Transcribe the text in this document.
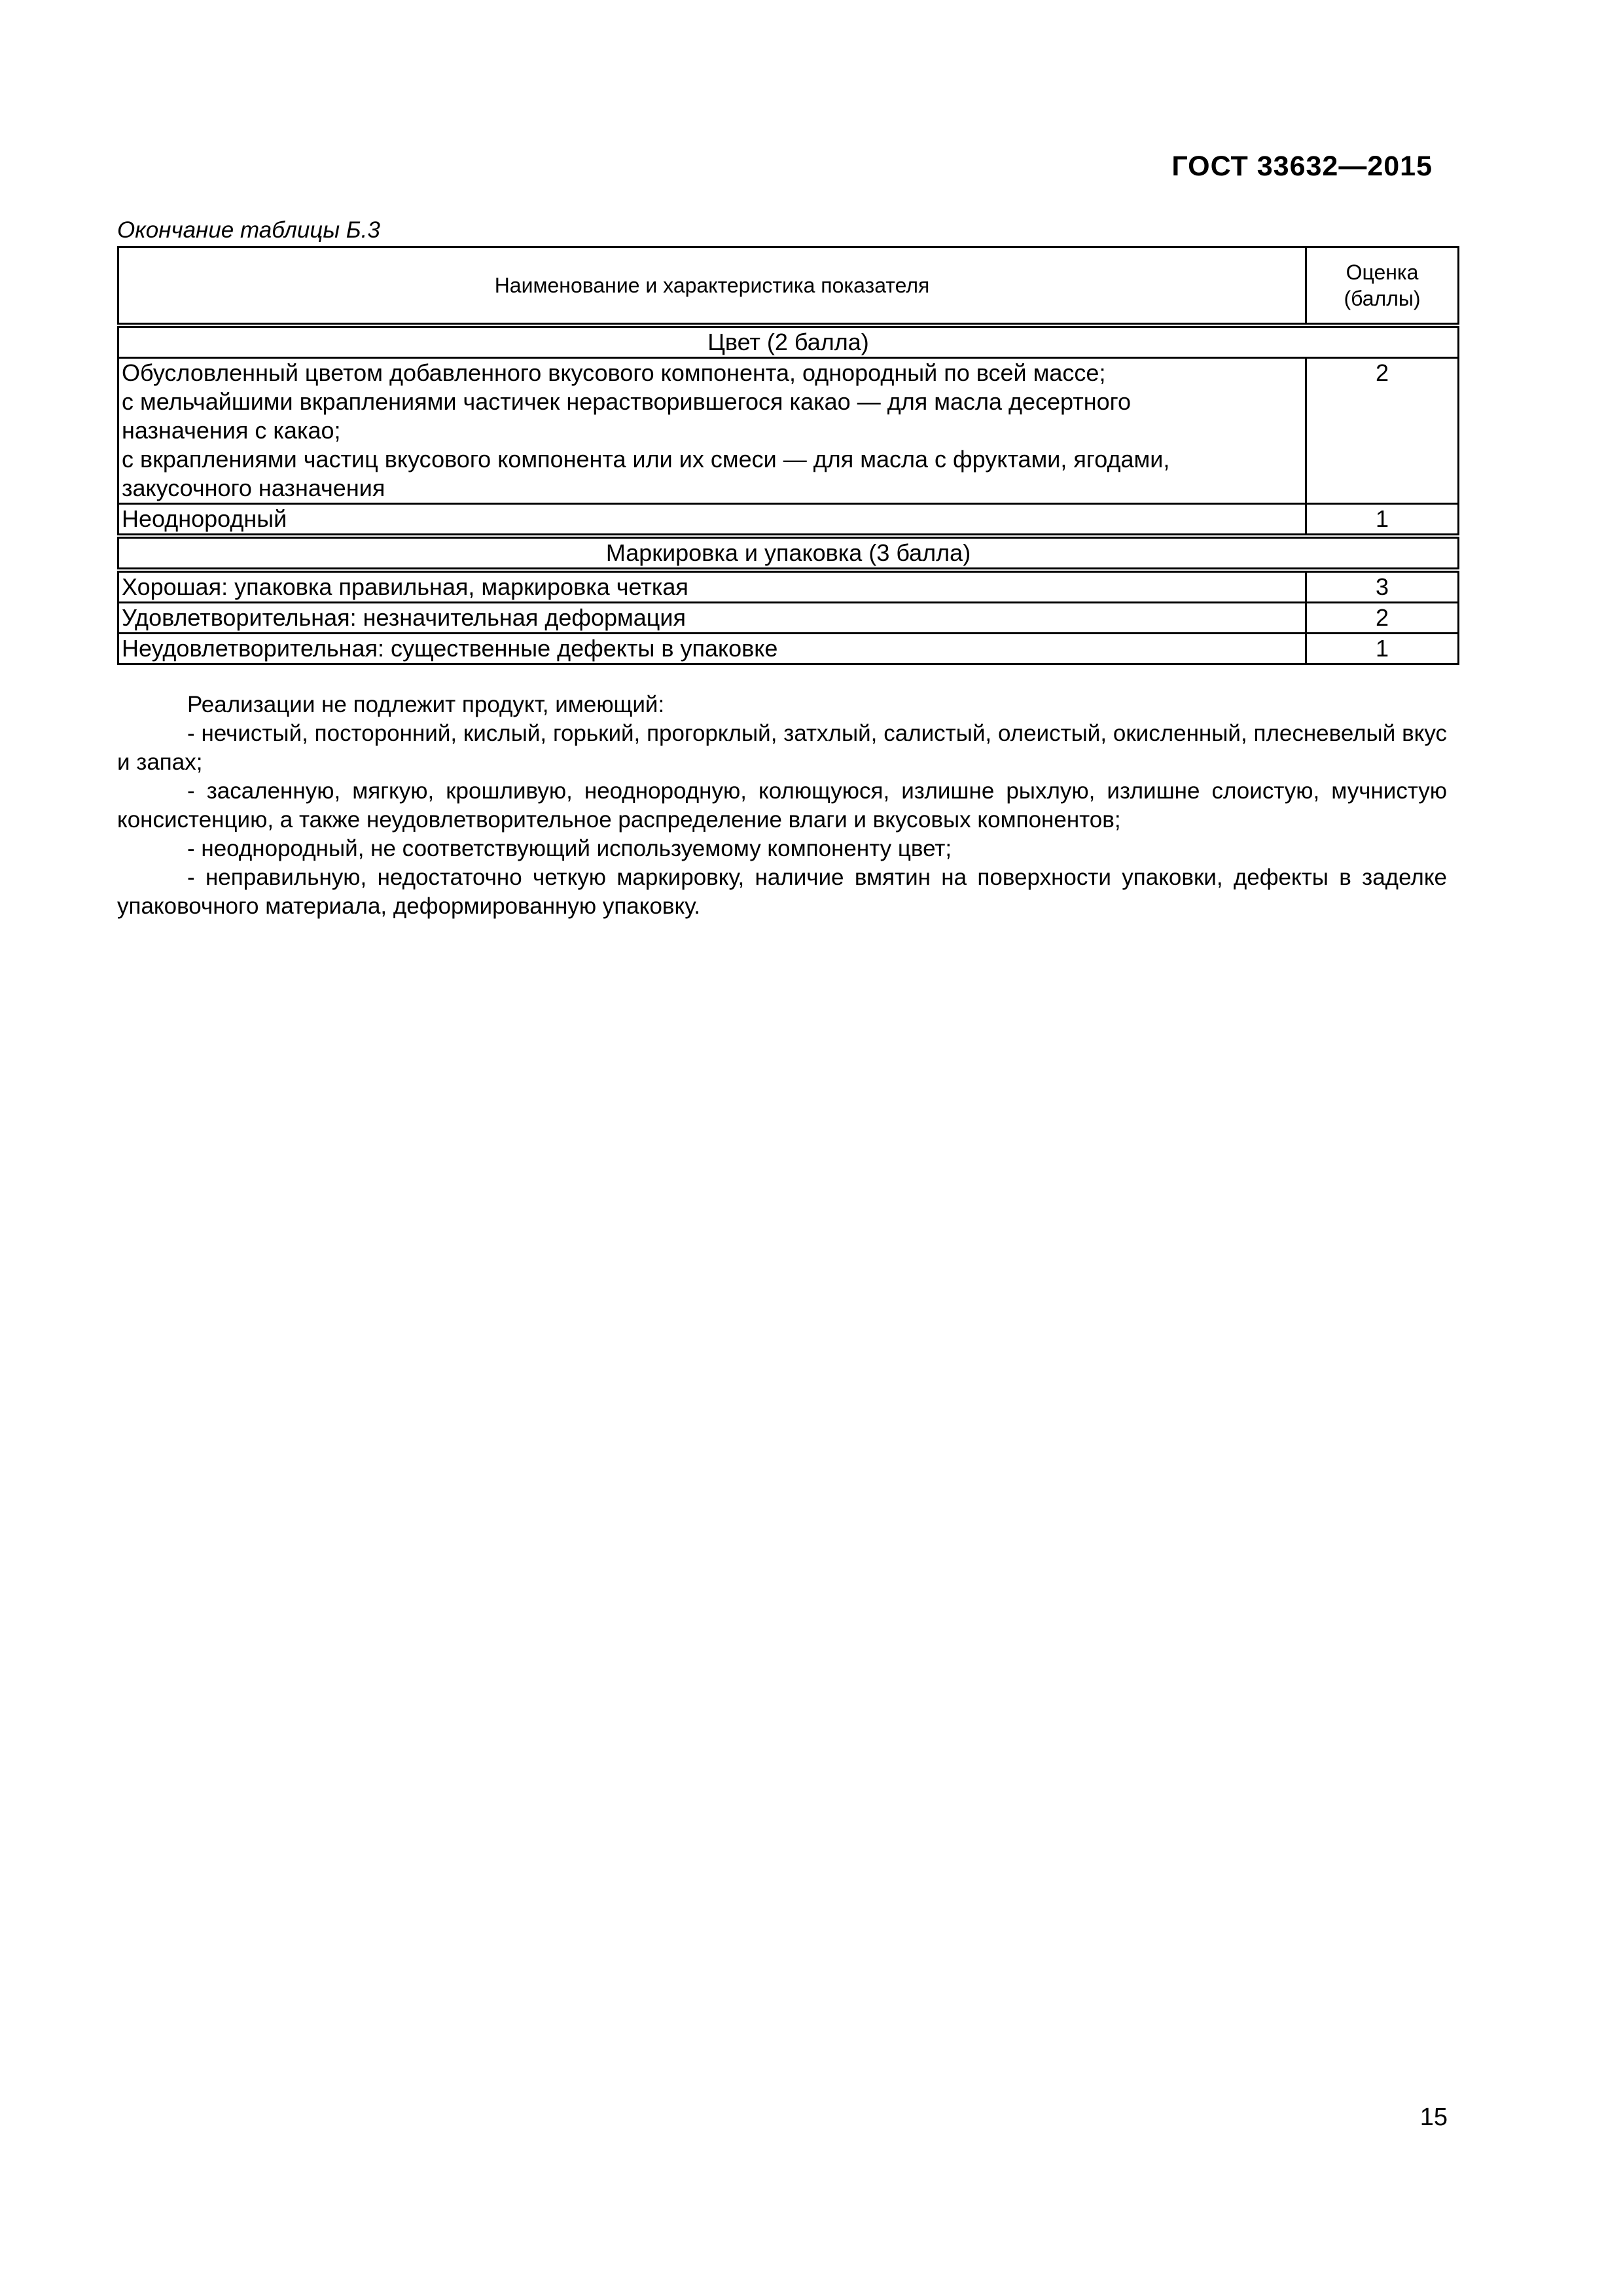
ГОСТ 33632—2015
Окончание таблицы Б.3
Наименование и характеристика показателя	Оценка
(баллы)

Цвет (2 балла)	

Обусловленный цветом добавленного вкусового компонента, однородный по всей массе;
с мельчайшими вкраплениями частичек нерастворившегося какао — для масла десертного
назначения с какао;
с вкраплениями частиц вкусового компонента или их смеси — для масла с фруктами, ягодами,
закусочного назначения	2
Неоднородный	1
Маркировка и упаковка (3 балла)	
Хорошая: упаковка правильная, маркировка четкая	3
Удовлетворительная: незначительная деформация	2
Неудовлетворительная: существенные дефекты в упаковке	1

Реализации не подлежит продукт, имеющий:

- нечистый, посторонний, кислый, горький, прогорклый, затхлый, салистый, олеистый, окисленный, плесневелый вкус и запах;

- засаленную, мягкую, крошливую, неоднородную, колющуюся, излишне рыхлую, излишне слоистую, мучнистую консистенцию, а также неудовлетворительное распределение влаги и вкусовых компонентов;

- неоднородный, не соответствующий используемому компоненту цвет;

- неправильную, недостаточно четкую маркировку, наличие вмятин на поверхности упаковки, дефекты в заделке упаковочного материала, деформированную упаковку.

15
